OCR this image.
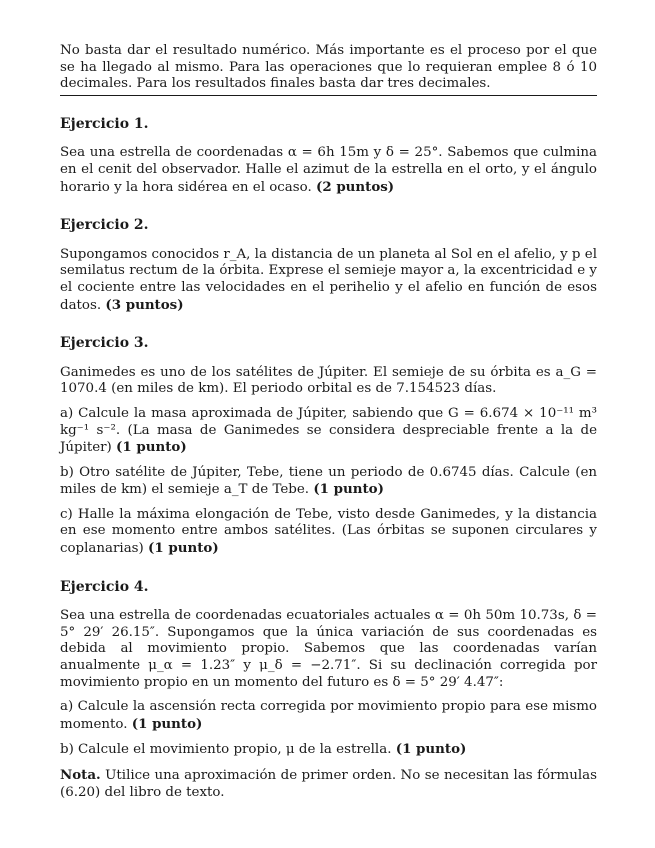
No basta dar el resultado numérico. Más importante es el proceso por el que se ha llegado al mismo. Para las operaciones que lo requieran emplee 8 ó 10 decimales. Para los resultados finales basta dar tres decimales.

Ejercicio 1.

Sea una estrella de coordenadas α = 6h 15m y δ = 25°. Sabemos que culmina en el cenit del observador. Halle el azimut de la estrella en el orto, y el ángulo horario y la hora sidérea en el ocaso. (2 puntos)

Ejercicio 2.

Supongamos conocidos r_A, la distancia de un planeta al Sol en el afelio, y p el semilatus rectum de la órbita. Exprese el semieje mayor a, la excentricidad e y el cociente entre las velocidades en el perihelio y el afelio en función de esos datos. (3 puntos)

Ejercicio 3.

Ganimedes es uno de los satélites de Júpiter. El semieje de su órbita es a_G = 1070.4 (en miles de km). El periodo orbital es de 7.154523 días.

a) Calcule la masa aproximada de Júpiter, sabiendo que G = 6.674 × 10⁻¹¹ m³ kg⁻¹ s⁻². (La masa de Ganimedes se considera despreciable frente a la de Júpiter) (1 punto)

b) Otro satélite de Júpiter, Tebe, tiene un periodo de 0.6745 días. Calcule (en miles de km) el semieje a_T de Tebe. (1 punto)

c) Halle la máxima elongación de Tebe, visto desde Ganimedes, y la distancia en ese momento entre ambos satélites. (Las órbitas se suponen circulares y coplanarias) (1 punto)

Ejercicio 4.

Sea una estrella de coordenadas ecuatoriales actuales α = 0h 50m 10.73s, δ = 5° 29′ 26.15″. Supongamos que la única variación de sus coordenadas es debida al movimiento propio. Sabemos que las coordenadas varían anualmente μ_α = 1.23″ y μ_δ = −2.71″. Si su declinación corregida por movimiento propio en un momento del futuro es δ = 5° 29′ 4.47″:

a) Calcule la ascensión recta corregida por movimiento propio para ese mismo momento. (1 punto)

b) Calcule el movimiento propio, μ de la estrella. (1 punto)

Nota. Utilice una aproximación de primer orden. No se necesitan las fórmulas (6.20) del libro de texto.
